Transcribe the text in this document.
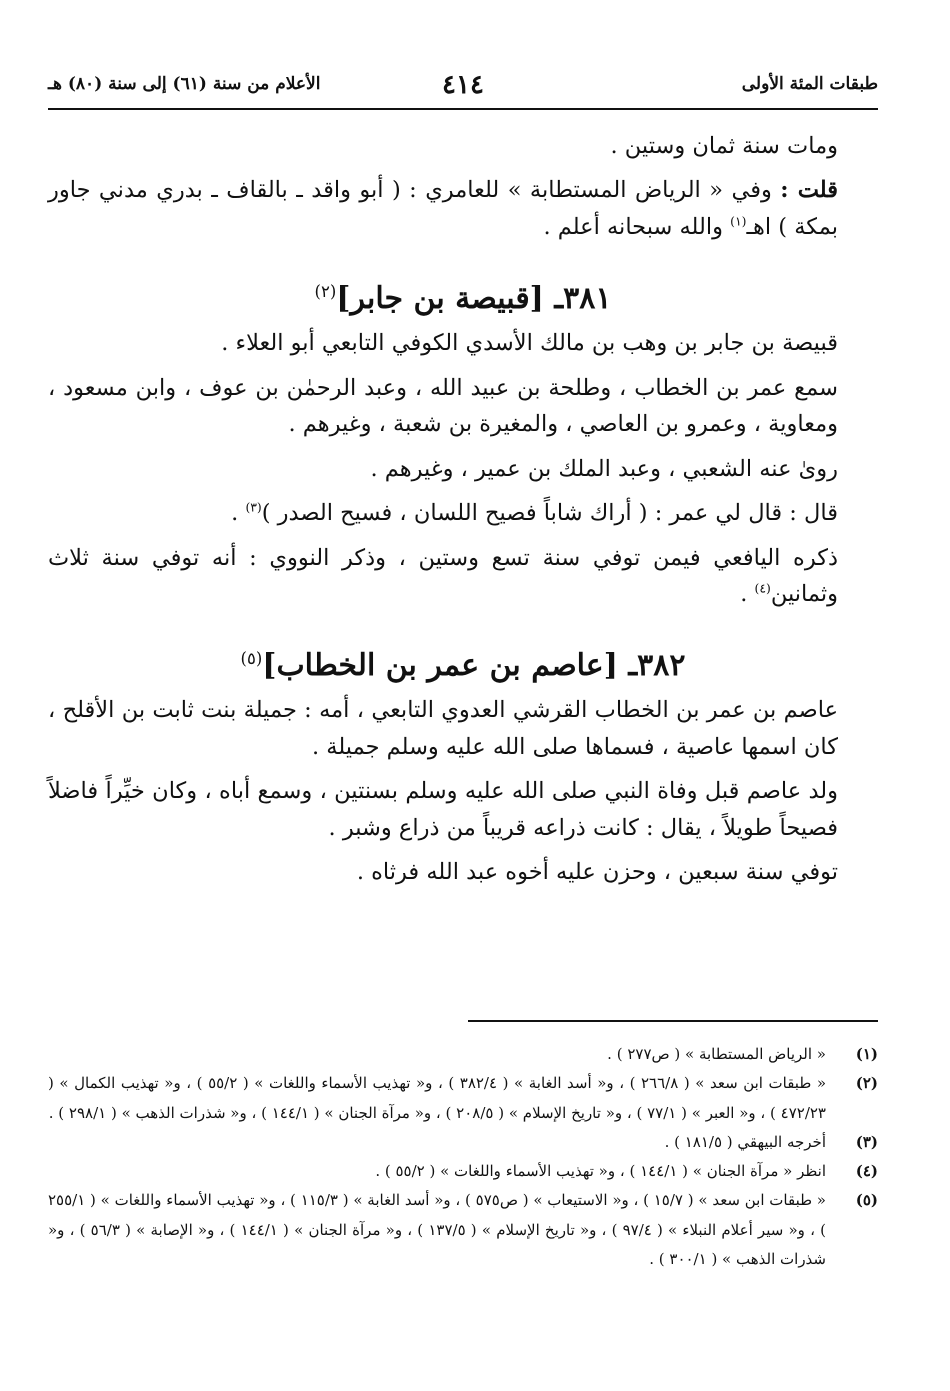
طبقات المئة الأولى
٤١٤
الأعلام من سنة (٦١) إلى سنة (٨٠) هـ

ومات سنة ثمان وستين .

قلت : وفي « الرياض المستطابة » للعامري : ( أبو واقد ـ بالقاف ـ بدري مدني جاور بمكة ) اهـ$^{(١)}$ والله سبحانه أعلم .

٣٨١ـ [قبيصة بن جابر]$^{(٢)}$

قبيصة بن جابر بن وهب بن مالك الأسدي الكوفي التابعي أبو العلاء .

سمع عمر بن الخطاب ، وطلحة بن عبيد الله ، وعبد الرحمٰن بن عوف ، وابن مسعود ، ومعاوية ، وعمرو بن العاصي ، والمغيرة بن شعبة ، وغيرهم .

رویٰ عنه الشعبي ، وعبد الملك بن عمير ، وغيرهم .

قال : قال لي عمر : ( أراك شاباً فصيح اللسان ، فسيح الصدر )$^{(٣)}$ .

ذكره اليافعي فيمن توفي سنة تسع وستين ، وذكر النووي : أنه توفي سنة ثلاث وثمانين$^{(٤)}$ .

٣٨٢ـ [عاصم بن عمر بن الخطاب]$^{(٥)}$

عاصم بن عمر بن الخطاب القرشي العدوي التابعي ، أمه : جميلة بنت ثابت بن الأقلح ، كان اسمها عاصية ، فسماها صلى الله عليه وسلم جميلة .

ولد عاصم قبل وفاة النبي صلى الله عليه وسلم بسنتين ، وسمع أباه ، وكان خيِّراً فاضلاً فصيحاً طويلاً ، يقال : كانت ذراعه قريباً من ذراع وشبر .

توفي سنة سبعين ، وحزن عليه أخوه عبد الله فرثاه .

(١)
« الرياض المستطابة » ( ص٢٧٧ ) .
(٢)
« طبقات ابن سعد » ( ٢٦٦/٨ ) ، و« أسد الغابة » ( ٣٨٢/٤ ) ، و« تهذيب الأسماء واللغات » ( ٥٥/٢ ) ، و« تهذيب الكمال » ( ٤٧٢/٢٣ ) ، و« العبر » ( ٧٧/١ ) ، و« تاريخ الإسلام » ( ٢٠٨/٥ ) ، و« مرآة الجنان » ( ١٤٤/١ ) ، و« شذرات الذهب » ( ٢٩٨/١ ) .
(٣)
أخرجه البيهقي ( ١٨١/٥ ) .
(٤)
انظر « مرآة الجنان » ( ١٤٤/١ ) ، و« تهذيب الأسماء واللغات » ( ٥٥/٢ ) .
(٥)
« طبقات ابن سعد » ( ١٥/٧ ) ، و« الاستيعاب » ( ص٥٧٥ ) ، و« أسد الغابة » ( ١١٥/٣ ) ، و« تهذيب الأسماء واللغات » ( ٢٥٥/١ ) ، و« سير أعلام النبلاء » ( ٩٧/٤ ) ، و« تاريخ الإسلام » ( ١٣٧/٥ ) ، و« مرآة الجنان » ( ١٤٤/١ ) ، و« الإصابة » ( ٥٦/٣ ) ، و« شذرات الذهب » ( ٣٠٠/١ ) .
